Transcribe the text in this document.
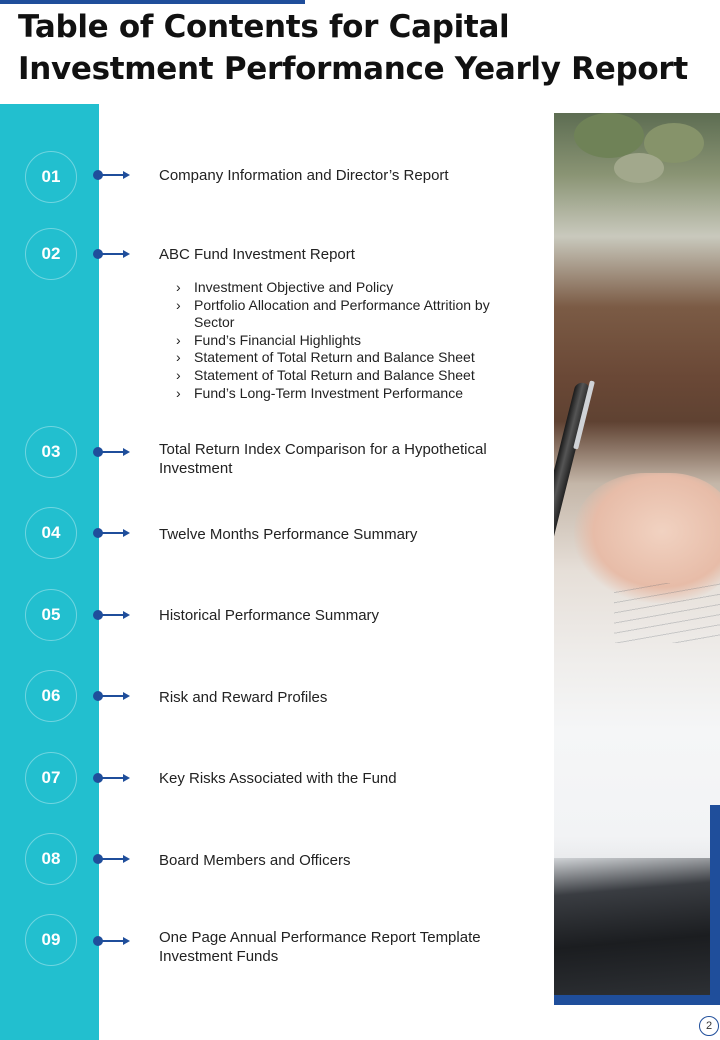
Table of Contents for Capital Investment Performance Yearly Report
01	Company Information and Director’s Report
02	ABC Fund Investment Report
› Investment Objective and Policy
› Portfolio Allocation and Performance Attrition by Sector
› Fund’s Financial Highlights
› Statement of Total Return and Balance Sheet
› Statement of Total Return and Balance Sheet
› Fund’s Long-Term Investment Performance
03	Total Return Index Comparison for a Hypothetical Investment
04	Twelve Months Performance Summary
05	Historical Performance Summary
06	Risk and Reward Profiles
07	Key Risks Associated with the Fund
08	Board Members and Officers
09	One Page Annual Performance Report Template Investment Funds
2
